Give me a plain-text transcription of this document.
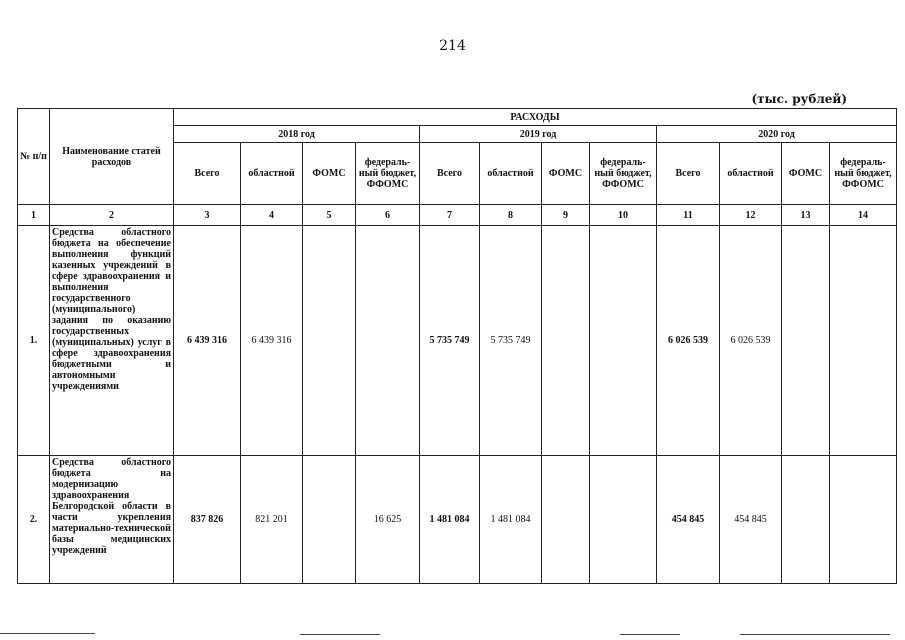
214
(тыс. рублей)
№ п/п	Наименование статей расходов	РАСХОДЫ											
		2018 год				2019 год				2020 год			
		Всего	областной	ФОМС	федераль-ный бюджет, ФФОМС	Всего	областной	ФОМС	федераль-ный бюджет, ФФОМС	Всего	областной	ФОМС	федераль-ный бюджет, ФФОМС
1	2	3	4	5	6	7	8	9	10	11	12	13	14
1.	Средства областного бюджета на обеспечение выполнения функций казенных учреждений в сфере здравоохранения и выполнения государственного (муниципального) задания по оказанию государственных (муниципальных) услуг в сфере здравоохранения бюджетными и автономными учреждениями	6 439 316	6 439 316			5 735 749	5 735 749			6 026 539	6 026 539		
2.	Средства областного бюджета на модернизацию здравоохранения Белгородской области в части укрепления материально-технической базы медицинских учреждений	837 826	821 201		16 625	1 481 084	1 481 084			454 845	454 845		
